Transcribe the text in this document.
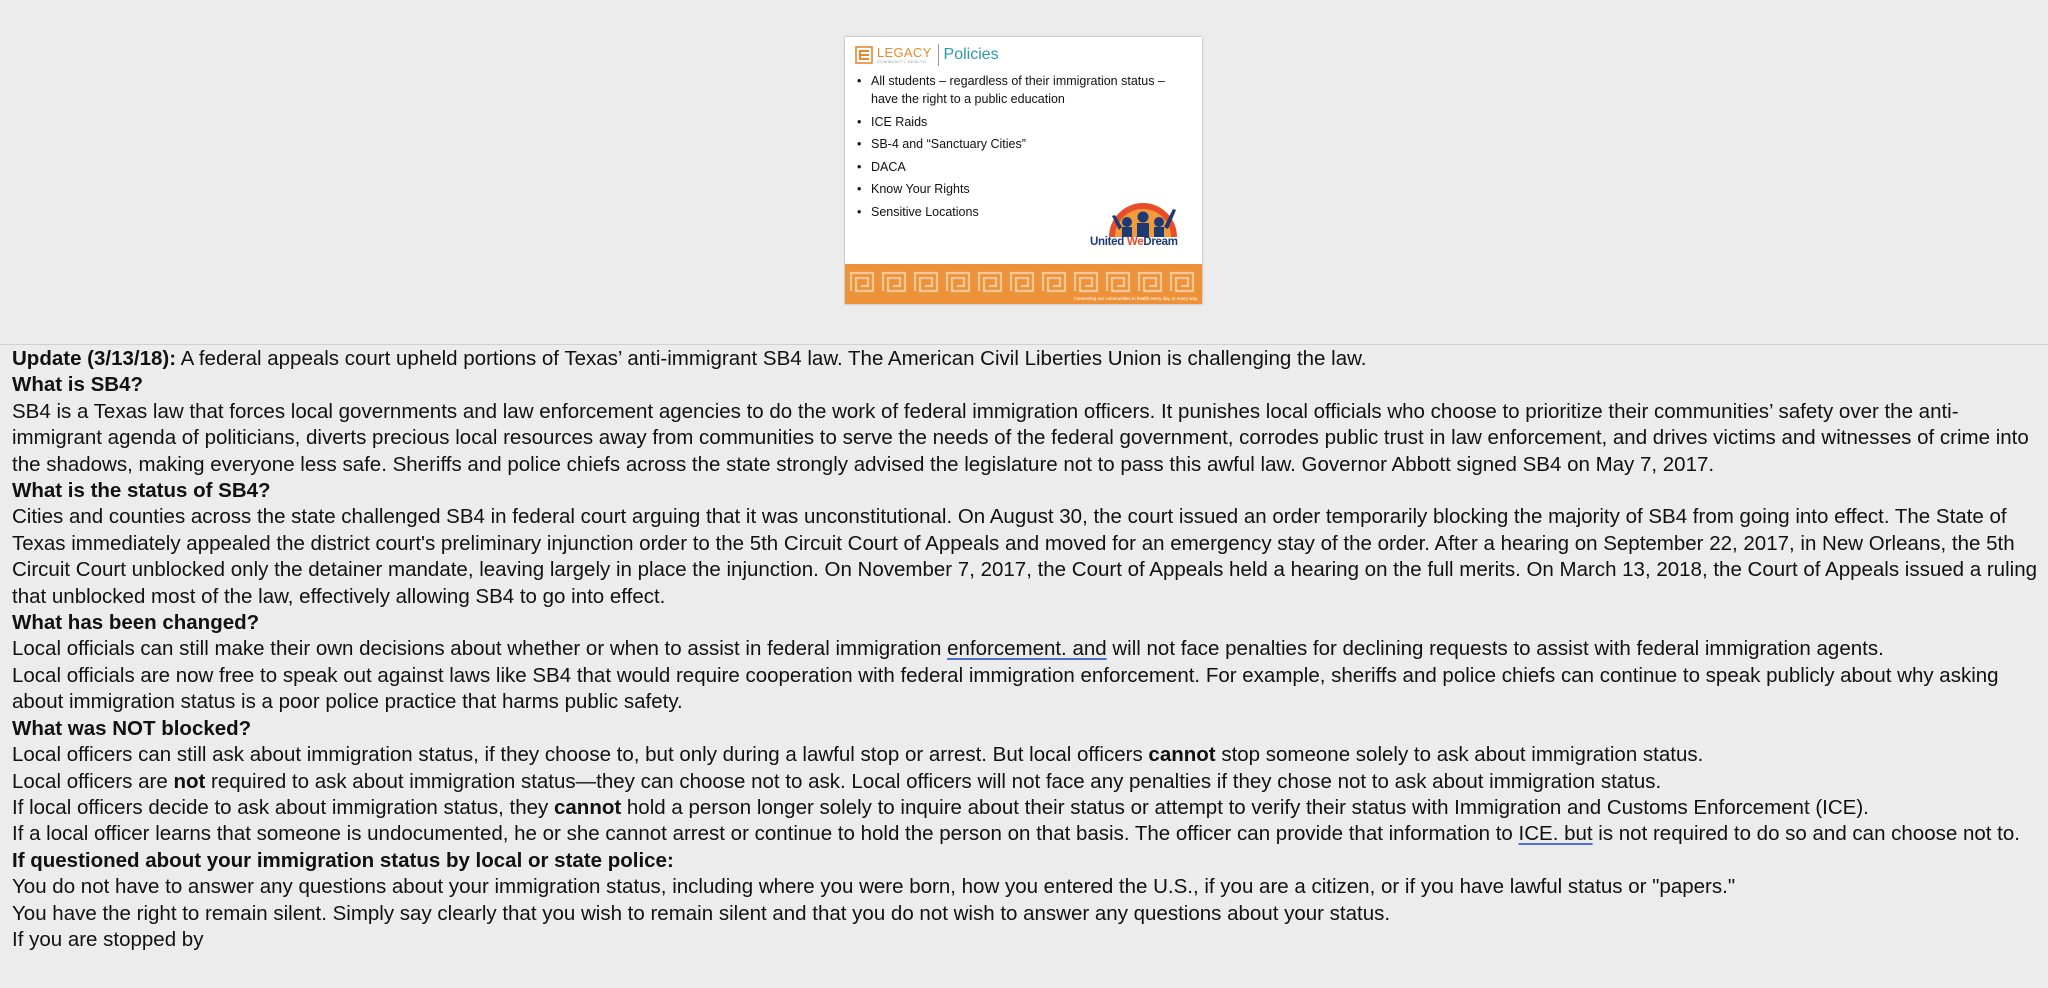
LEGACY
COMMUNITY HEALTH	Policies
• All students – regardless of their immigration status – have the right to a public education
• ICE Raids
• SB-4 and “Sanctuary Cities”
• DACA
• Know Your Rights
• Sensitive Locations
United WeDream
Connecting our communities to health every day, in every way.

Update (3/13/18): A federal appeals court upheld portions of Texas’ anti-immigrant SB4 law. The American Civil Liberties Union is challenging the law.

What is SB4?

SB4 is a Texas law that forces local governments and law enforcement agencies to do the work of federal immigration officers. It punishes local officials who choose to prioritize their communities’ safety over the anti-immigrant agenda of politicians, diverts precious local resources away from communities to serve the needs of the federal government, corrodes public trust in law enforcement, and drives victims and witnesses of crime into the shadows, making everyone less safe. Sheriffs and police chiefs across the state strongly advised the legislature not to pass this awful law. Governor Abbott signed SB4 on May 7, 2017.

What is the status of SB4?

Cities and counties across the state challenged SB4 in federal court arguing that it was unconstitutional. On August 30, the court issued an order temporarily blocking the majority of SB4 from going into effect. The State of Texas immediately appealed the district court's preliminary injunction order to the 5th Circuit Court of Appeals and moved for an emergency stay of the order. After a hearing on September 22, 2017, in New Orleans, the 5th Circuit Court unblocked only the detainer mandate, leaving largely in place the injunction. On November 7, 2017, the Court of Appeals held a hearing on the full merits. On March 13, 2018, the Court of Appeals issued a ruling that unblocked most of the law, effectively allowing SB4 to go into effect.

What has been changed?

Local officials can still make their own decisions about whether or when to assist in federal immigration enforcement. and will not face penalties for declining requests to assist with federal immigration agents.

Local officials are now free to speak out against laws like SB4 that would require cooperation with federal immigration enforcement. For example, sheriffs and police chiefs can continue to speak publicly about why asking about immigration status is a poor police practice that harms public safety.

What was NOT blocked?

Local officers can still ask about immigration status, if they choose to, but only during a lawful stop or arrest. But local officers cannot stop someone solely to ask about immigration status.

Local officers are not required to ask about immigration status—they can choose not to ask. Local officers will not face any penalties if they chose not to ask about immigration status.

If local officers decide to ask about immigration status, they cannot hold a person longer solely to inquire about their status or attempt to verify their status with Immigration and Customs Enforcement (ICE).

If a local officer learns that someone is undocumented, he or she cannot arrest or continue to hold the person on that basis. The officer can provide that information to ICE. but is not required to do so and can choose not to.

If questioned about your immigration status by local or state police:

You do not have to answer any questions about your immigration status, including where you were born, how you entered the U.S., if you are a citizen, or if you have lawful status or "papers."

You have the right to remain silent. Simply say clearly that you wish to remain silent and that you do not wish to answer any questions about your status.

If you are stopped by
